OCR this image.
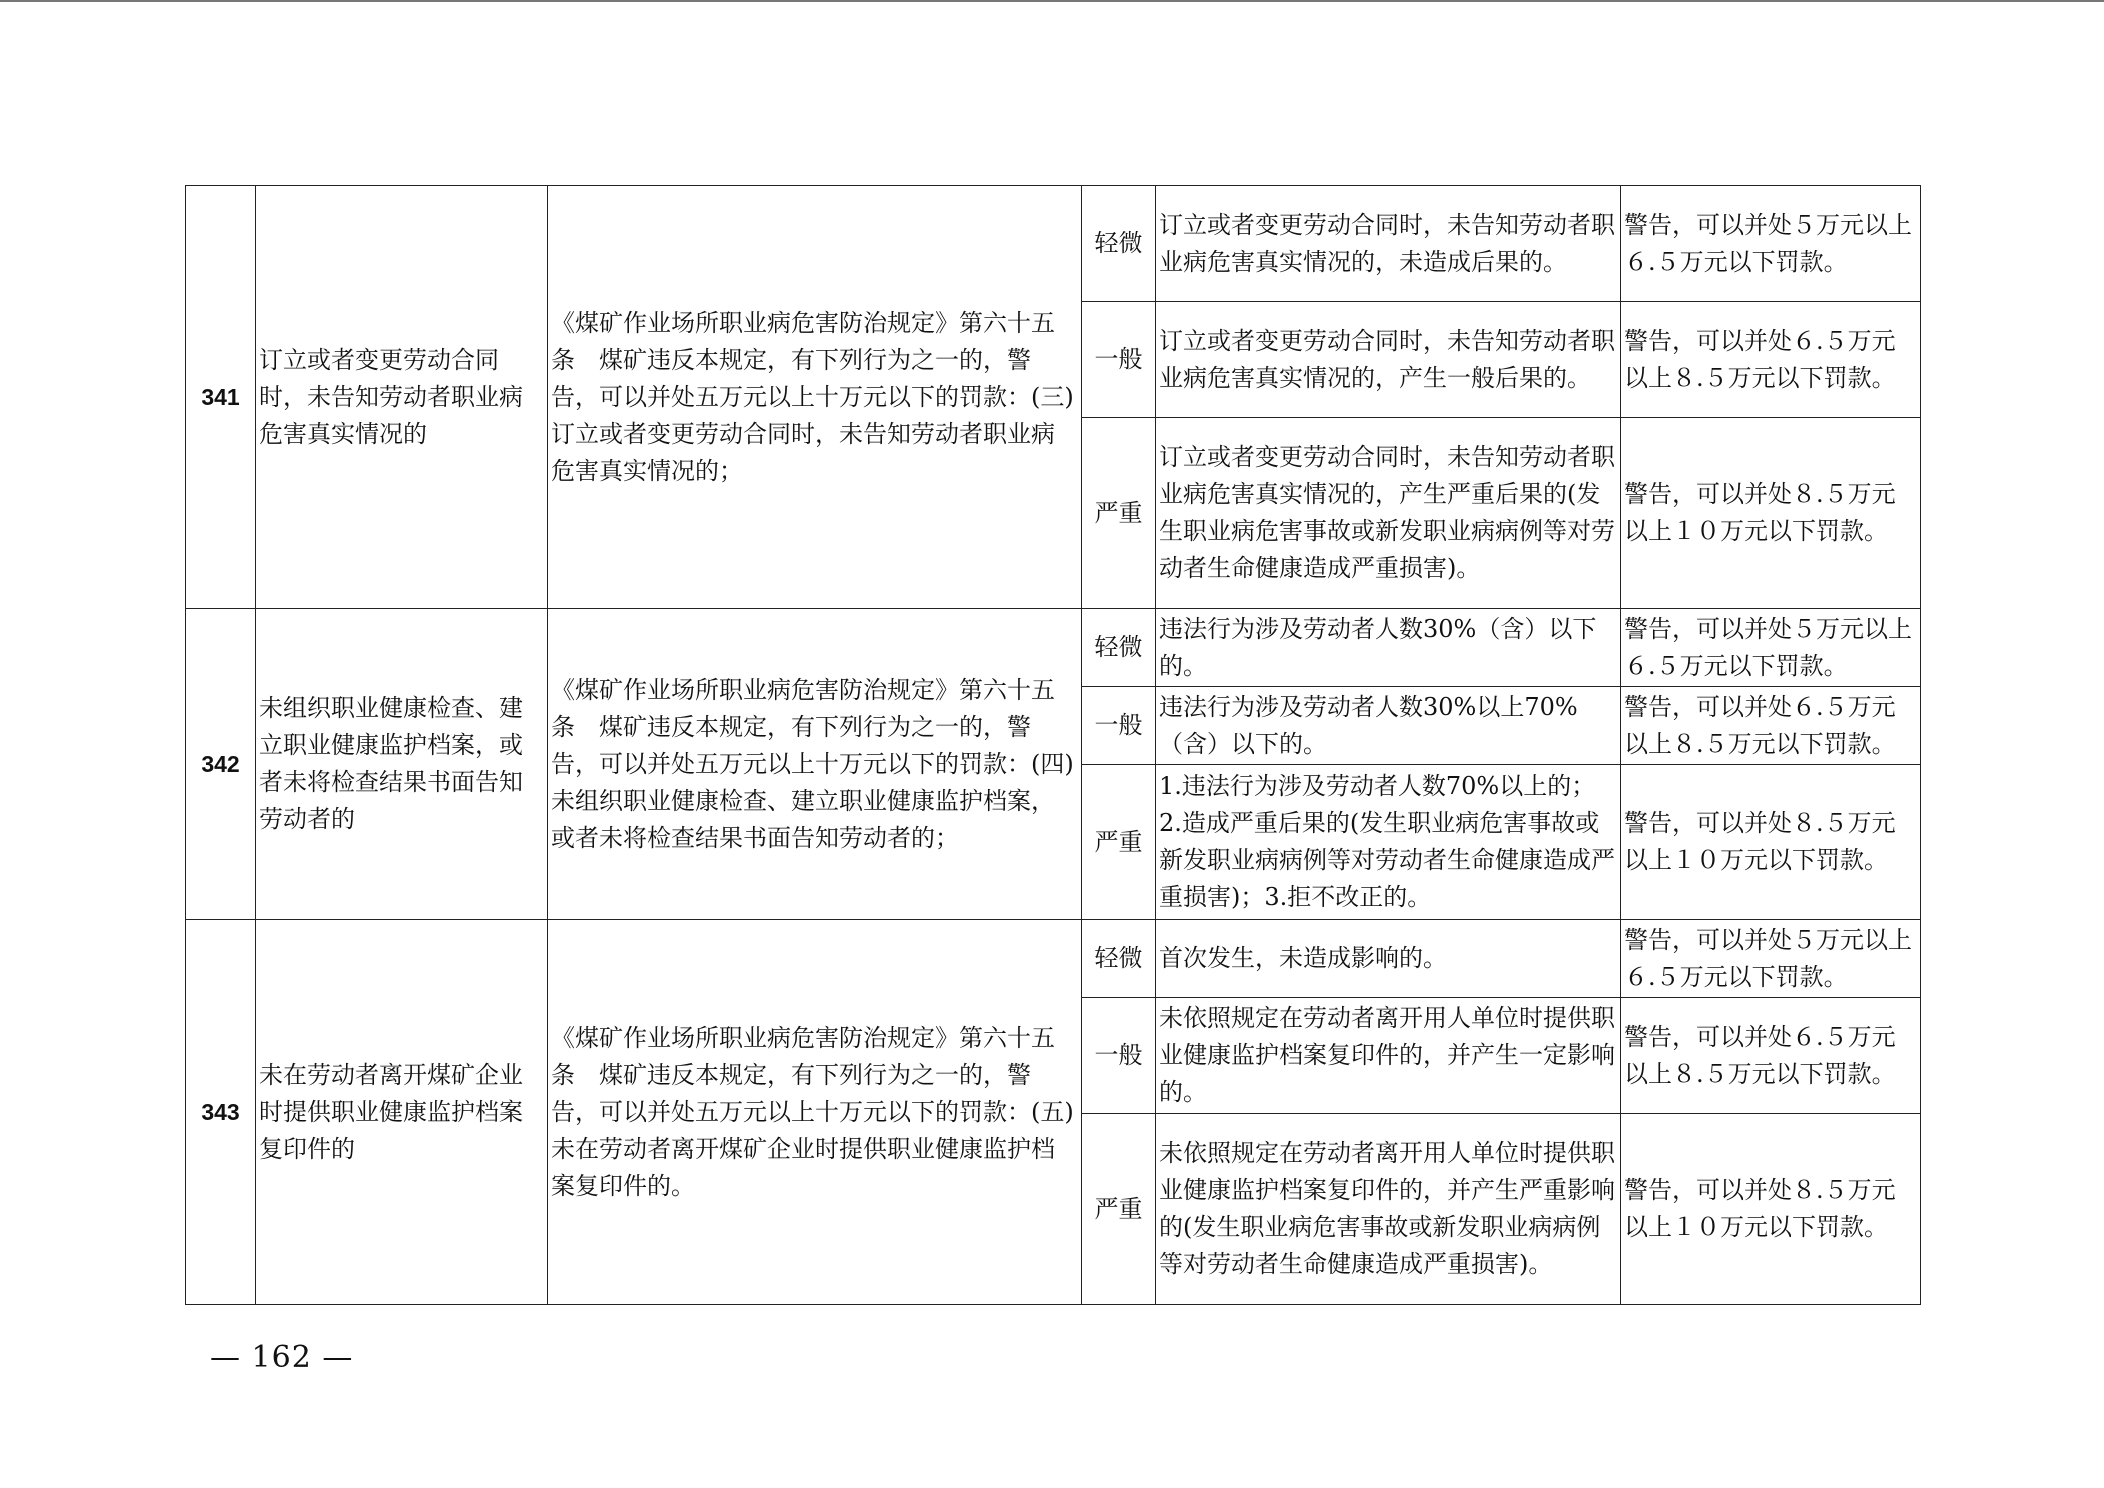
341	订立或者变更劳动合同时，未告知劳动者职业病危害真实情况的	《煤矿作业场所职业病危害防治规定》第六十五条　煤矿违反本规定，有下列行为之一的，警告，可以并处五万元以上十万元以下的罚款：(三)订立或者变更劳动合同时，未告知劳动者职业病危害真实情况的；	轻微	订立或者变更劳动合同时，未告知劳动者职业病危害真实情况的，未造成后果的。	警告，可以并处５万元以上６.５万元以下罚款。
			一般	订立或者变更劳动合同时，未告知劳动者职业病危害真实情况的，产生一般后果的。	警告，可以并处６.５万元以上８.５万元以下罚款。
			严重	订立或者变更劳动合同时，未告知劳动者职业病危害真实情况的，产生严重后果的(发生职业病危害事故或新发职业病病例等对劳动者生命健康造成严重损害)。	警告，可以并处８.５万元以上１０万元以下罚款。
342	未组织职业健康检查、建立职业健康监护档案，或者未将检查结果书面告知劳动者的	《煤矿作业场所职业病危害防治规定》第六十五条　煤矿违反本规定，有下列行为之一的，警告，可以并处五万元以上十万元以下的罚款：(四)未组织职业健康检查、建立职业健康监护档案，或者未将检查结果书面告知劳动者的；	轻微	违法行为涉及劳动者人数30%（含）以下的。	警告，可以并处５万元以上６.５万元以下罚款。
			一般	违法行为涉及劳动者人数30%以上70%（含）以下的。	警告，可以并处６.５万元以上８.５万元以下罚款。
			严重	1.违法行为涉及劳动者人数70%以上的；2.造成严重后果的(发生职业病危害事故或新发职业病病例等对劳动者生命健康造成严重损害)；3.拒不改正的。	警告，可以并处８.５万元以上１０万元以下罚款。
343	未在劳动者离开煤矿企业时提供职业健康监护档案复印件的	《煤矿作业场所职业病危害防治规定》第六十五条　煤矿违反本规定，有下列行为之一的，警告，可以并处五万元以上十万元以下的罚款：(五)未在劳动者离开煤矿企业时提供职业健康监护档案复印件的。	轻微	首次发生，未造成影响的。	警告，可以并处５万元以上６.５万元以下罚款。
			一般	未依照规定在劳动者离开用人单位时提供职业健康监护档案复印件的，并产生一定影响的。	警告，可以并处６.５万元以上８.５万元以下罚款。
			严重	未依照规定在劳动者离开用人单位时提供职业健康监护档案复印件的，并产生严重影响的(发生职业病危害事故或新发职业病病例等对劳动者生命健康造成严重损害)。	警告，可以并处８.５万元以上１０万元以下罚款。
— 162 —
